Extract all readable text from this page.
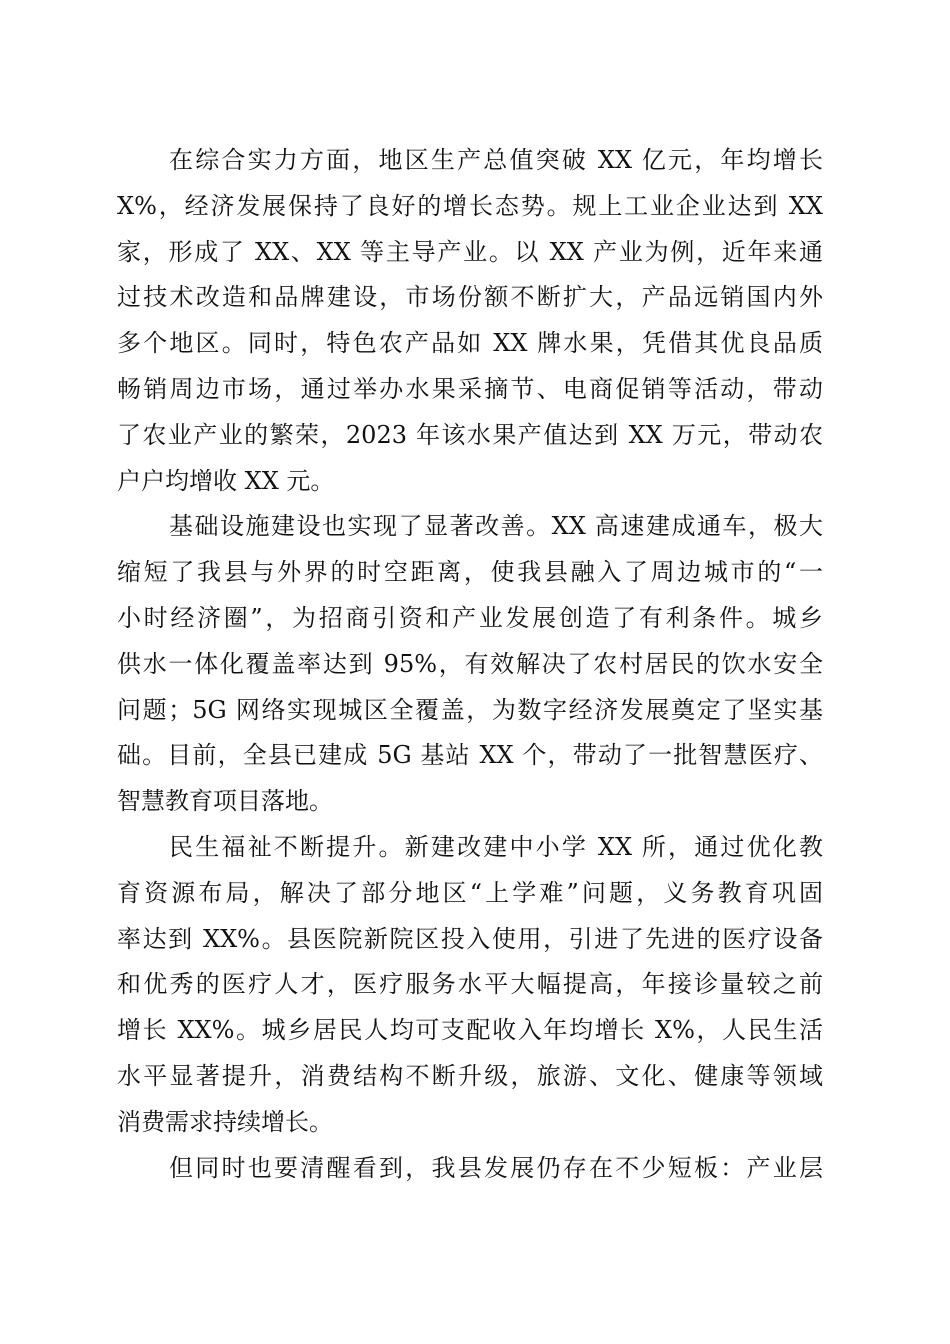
在综合实力方面，地区生产总值突破 XX 亿元，年均增长
X%，经济发展保持了良好的增长态势。规上工业企业达到 XX
家，形成了 XX、XX 等主导产业。以 XX 产业为例，近年来通
过技术改造和品牌建设，市场份额不断扩大，产品远销国内外
多个地区。同时，特色农产品如 XX 牌水果，凭借其优良品质
畅销周边市场，通过举办水果采摘节、电商促销等活动，带动
了农业产业的繁荣，2023 年该水果产值达到 XX 万元，带动农
户户均增收 XX 元。
基础设施建设也实现了显著改善。XX 高速建成通车，极大
缩短了我县与外界的时空距离，使我县融入了周边城市的“一
小时经济圈”，为招商引资和产业发展创造了有利条件。城乡
供水一体化覆盖率达到 95%，有效解决了农村居民的饮水安全
问题；5G 网络实现城区全覆盖，为数字经济发展奠定了坚实基
础。目前，全县已建成 5G 基站 XX 个，带动了一批智慧医疗、
智慧教育项目落地。
民生福祉不断提升。新建改建中小学 XX 所，通过优化教
育资源布局，解决了部分地区“上学难”问题，义务教育巩固
率达到 XX%。县医院新院区投入使用，引进了先进的医疗设备
和优秀的医疗人才，医疗服务水平大幅提高，年接诊量较之前
增长 XX%。城乡居民人均可支配收入年均增长 X%，人民生活
水平显著提升，消费结构不断升级，旅游、文化、健康等领域
消费需求持续增长。
但同时也要清醒看到，我县发展仍存在不少短板：产业层
